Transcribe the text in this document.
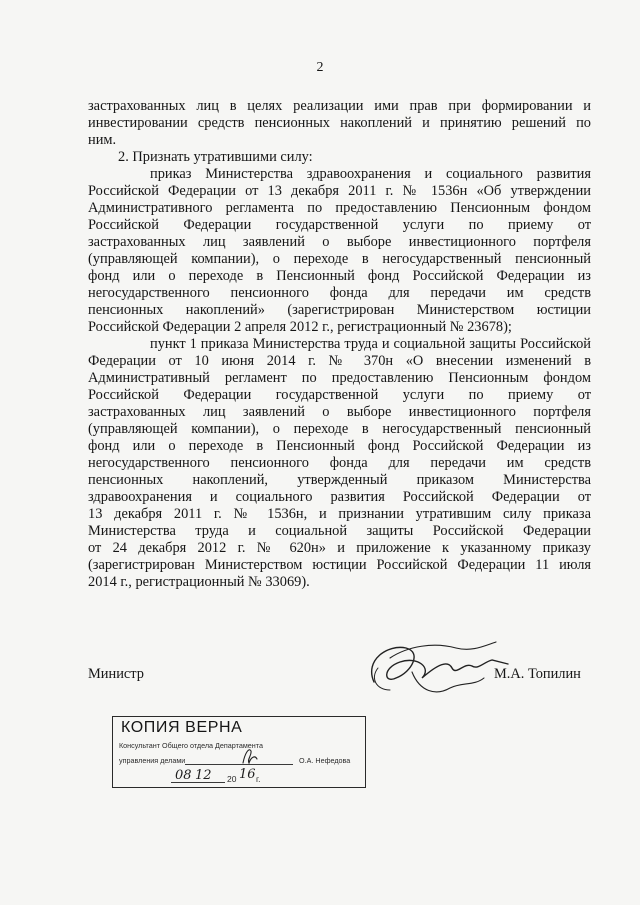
2
застрахованных лиц в целях реализации ими прав при формировании и
инвестировании средств пенсионных накоплений и принятию решений по
ним.
2. Признать утратившими силу:
приказ Министерства здравоохранения и социального развития
Российской Федерации от 13 декабря 2011 г. № 1536н «Об утверждении
Административного регламента по предоставлению Пенсионным фондом
Российской Федерации государственной услуги по приему от
застрахованных лиц заявлений о выборе инвестиционного портфеля
(управляющей компании), о переходе в негосударственный пенсионный
фонд или о переходе в Пенсионный фонд Российской Федерации из
негосударственного пенсионного фонда для передачи им средств
пенсионных накоплений» (зарегистрирован Министерством юстиции
Российской Федерации 2 апреля 2012 г., регистрационный № 23678);
пункт 1 приказа Министерства труда и социальной защиты Российской
Федерации от 10 июня 2014 г. № 370н «О внесении изменений в
Административный регламент по предоставлению Пенсионным фондом
Российской Федерации государственной услуги по приему от
застрахованных лиц заявлений о выборе инвестиционного портфеля
(управляющей компании), о переходе в негосударственный пенсионный
фонд или о переходе в Пенсионный фонд Российской Федерации из
негосударственного пенсионного фонда для передачи им средств
пенсионных накоплений, утвержденный приказом Министерства
здравоохранения и социального развития Российской Федерации от
13 декабря 2011 г. № 1536н, и признании утратившим силу приказа
Министерства труда и социальной защиты Российской Федерации
от 24 декабря 2012 г. № 620н» и приложение к указанному приказу
(зарегистрирован Министерством юстиции Российской Федерации 11 июля
2014 г., регистрационный № 33069).
Министр	М.А. Топилин
КОПИЯ ВЕРНА
Консультант Общего отдела Департамента
управления делами	О.А. Нефедова
08 12 20 16 г.
